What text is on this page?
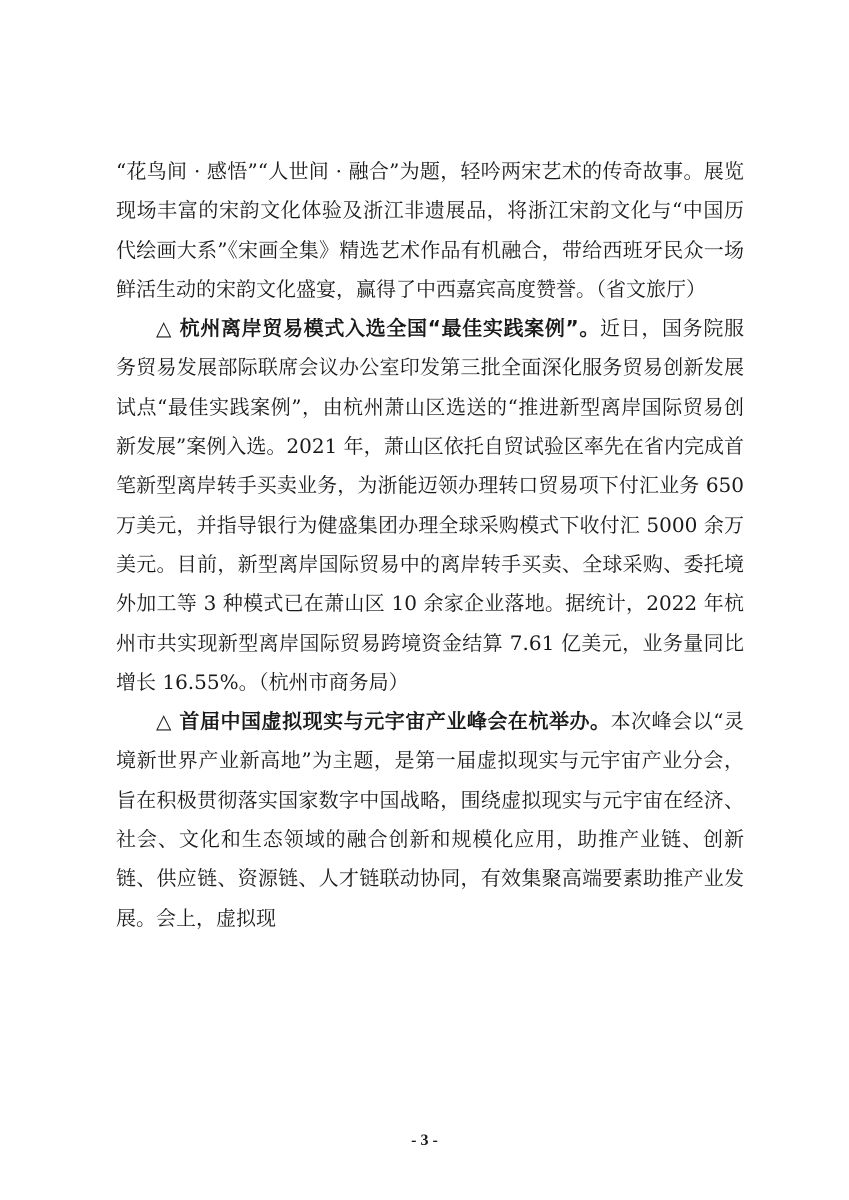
“花鸟间 · 感悟”“人世间 · 融合”为题，轻吟两宋艺术的传奇故事。展览现场丰富的宋韵文化体验及浙江非遗展品，将浙江宋韵文化与“中国历代绘画大系”《宋画全集》精选艺术作品有机融合，带给西班牙民众一场鲜活生动的宋韵文化盛宴，赢得了中西嘉宾高度赞誉。（省文旅厅）

△ 杭州离岸贸易模式入选全国“最佳实践案例”。近日，国务院服务贸易发展部际联席会议办公室印发第三批全面深化服务贸易创新发展试点“最佳实践案例”，由杭州萧山区选送的“推进新型离岸国际贸易创新发展”案例入选。2021 年，萧山区依托自贸试验区率先在省内完成首笔新型离岸转手买卖业务，为浙能迈领办理转口贸易项下付汇业务 650 万美元，并指导银行为健盛集团办理全球采购模式下收付汇 5000 余万美元。目前，新型离岸国际贸易中的离岸转手买卖、全球采购、委托境外加工等 3 种模式已在萧山区 10 余家企业落地。据统计，2022 年杭州市共实现新型离岸国际贸易跨境资金结算 7.61 亿美元，业务量同比增长 16.55%。（杭州市商务局）

△ 首届中国虚拟现实与元宇宙产业峰会在杭举办。本次峰会以“灵境新世界产业新高地”为主题，是第一届虚拟现实与元宇宙产业分会，旨在积极贯彻落实国家数字中国战略，围绕虚拟现实与元宇宙在经济、社会、文化和生态领域的融合创新和规模化应用，助推产业链、创新链、供应链、资源链、人才链联动协同，有效集聚高端要素助推产业发展。会上，虚拟现

- 3 -
